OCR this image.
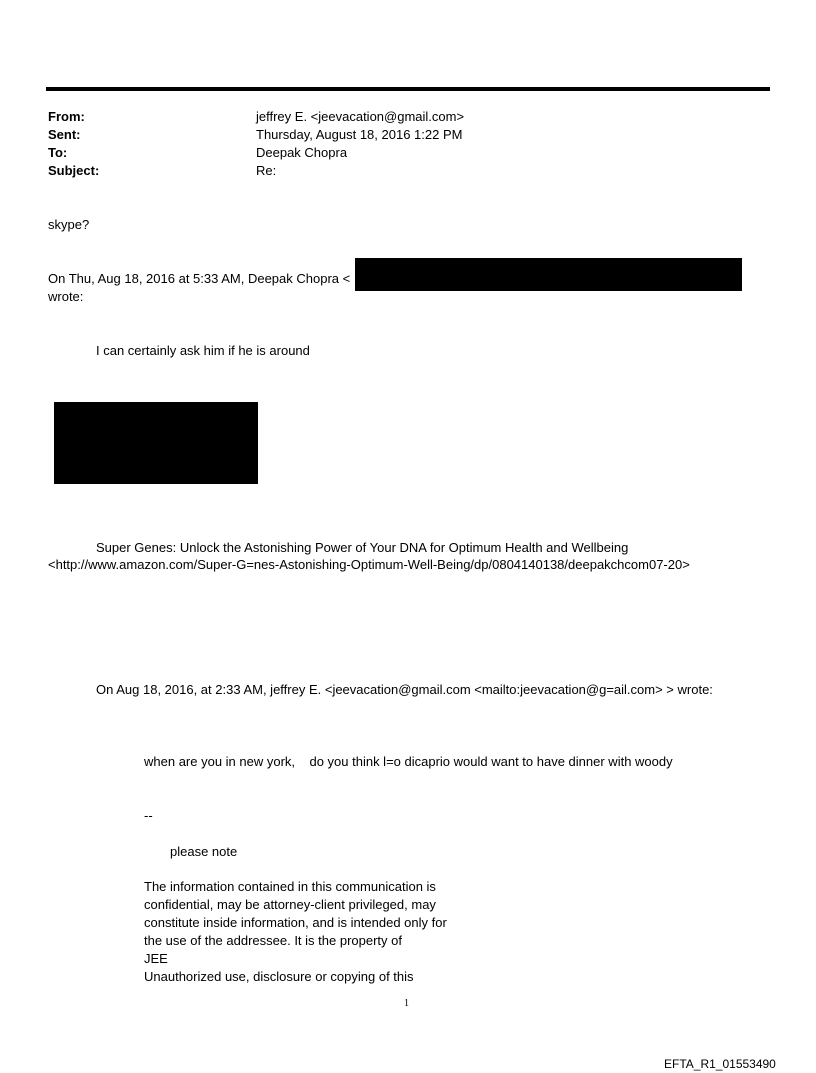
From:	jeffrey E. <jeevacation@gmail.com>
Sent:	Thursday, August 18, 2016 1:22 PM
To:	Deepak Chopra
Subject:	Re:
skype?
On Thu, Aug 18, 2016 at 5:33 AM, Deepak Chopra <
wrote:
I can certainly ask him if he is around
Super Genes: Unlock the Astonishing Power of Your DNA for Optimum Health and Wellbeing
<http://www.amazon.com/Super-G=nes-Astonishing-Optimum-Well-Being/dp/0804140138/deepakchcom07-20>
On Aug 18, 2016, at 2:33 AM, jeffrey E. <jeevacation@gmail.com <mailto:jeevacation@g=ail.com> > wrote:
when are you in new york,    do you think l=o dicaprio would want to have dinner with woody
--
please note
The information contained in this communication is
confidential, may be attorney-client privileged, may
constitute inside information, and is intended only for
the use of the addressee. It is the property of
JEE
Unauthorized use, disclosure or copying of this
1
EFTA_R1_01553490
